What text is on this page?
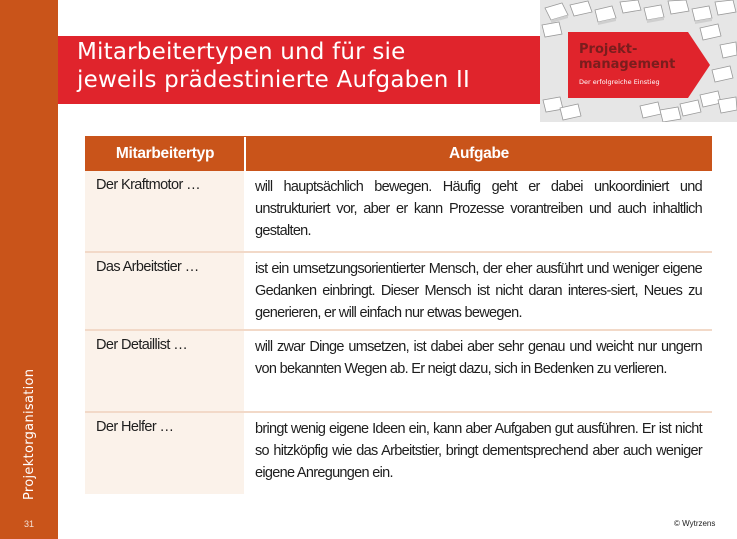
Projektorganisation
31
Mitarbeitertypen und für sie
jeweils prädestinierte Aufgaben II
Projekt-
management
Der erfolgreiche Einstieg
Mitarbeitertyp	Aufgabe
Der Kraftmotor …	will hauptsächlich bewegen. Häufig geht er dabei unkoordiniert und unstrukturiert vor, aber er kann Prozesse vorantreiben und auch inhaltlich gestalten.
Das Arbeitstier …	ist ein umsetzungsorientierter Mensch, der eher ausführt und weniger eigene Gedanken einbringt. Dieser Mensch ist nicht daran interes-siert, Neues zu generieren, er will einfach nur etwas bewegen.
Der Detaillist …	will zwar Dinge umsetzen, ist dabei aber sehr genau und weicht nur ungern von bekannten Wegen ab. Er neigt dazu, sich in Bedenken zu verlieren.
Der Helfer …	bringt wenig eigene Ideen ein, kann aber Aufgaben gut ausführen. Er ist nicht so hitzköpfig wie das Arbeitstier, bringt dementsprechend aber auch weniger eigene Anregungen ein.
© Wytrzens
